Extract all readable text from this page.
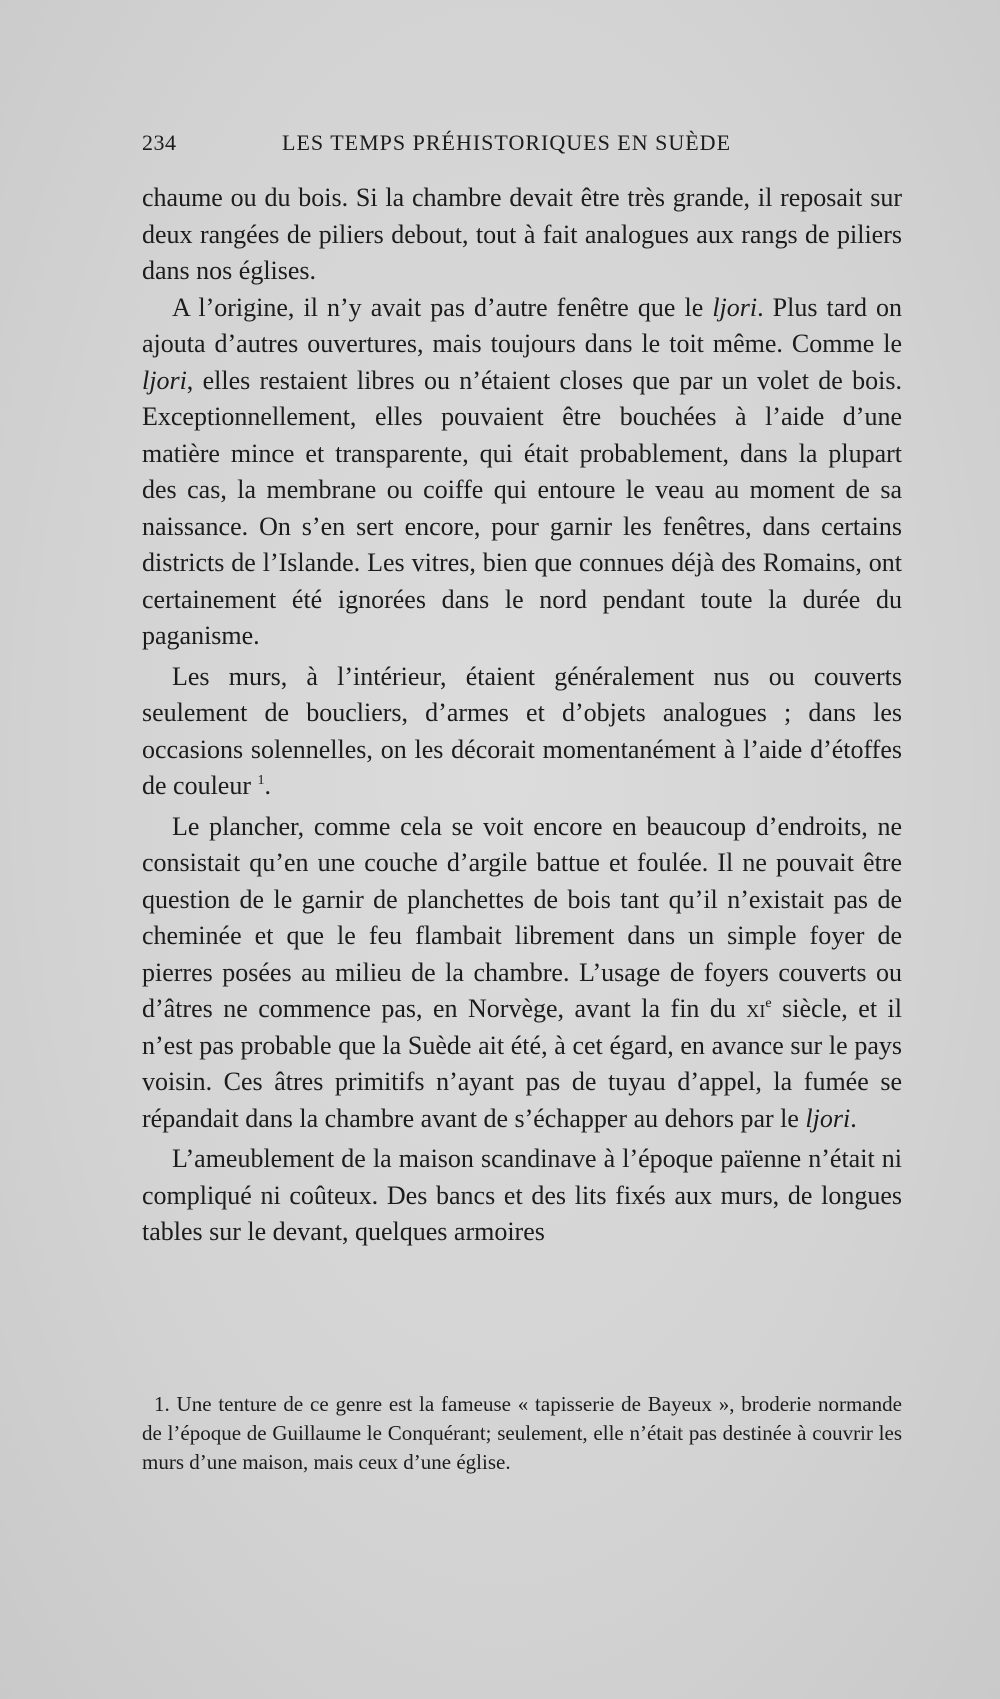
234	LES TEMPS PRÉHISTORIQUES EN SUÈDE

chaume ou du bois. Si la chambre devait être très grande, il reposait sur deux rangées de piliers debout, tout à fait analogues aux rangs de piliers dans nos églises.

A l’origine, il n’y avait pas d’autre fenêtre que le ljori. Plus tard on ajouta d’autres ouvertures, mais toujours dans le toit même. Comme le ljori, elles restaient libres ou n’étaient closes que par un volet de bois. Exceptionnellement, elles pouvaient être bouchées à l’aide d’une matière mince et transparente, qui était probablement, dans la plupart des cas, la membrane ou coiffe qui entoure le veau au moment de sa naissance. On s’en sert encore, pour garnir les fenêtres, dans certains districts de l’Islande. Les vitres, bien que connues déjà des Romains, ont certainement été ignorées dans le nord pendant toute la durée du paganisme.

Les murs, à l’intérieur, étaient généralement nus ou couverts seulement de boucliers, d’armes et d’objets analogues ; dans les occasions solennelles, on les décorait momentanément à l’aide d’étoffes de couleur $^1$.

Le plancher, comme cela se voit encore en beaucoup d’endroits, ne consistait qu’en une couche d’argile battue et foulée. Il ne pouvait être question de le garnir de planchettes de bois tant qu’il n’existait pas de cheminée et que le feu flambait librement dans un simple foyer de pierres posées au milieu de la chambre. L’usage de foyers couverts ou d’âtres ne commence pas, en Norvège, avant la fin du $xi^e$ siècle, et il n’est pas probable que la Suède ait été, à cet égard, en avance sur le pays voisin. Ces âtres primitifs n’ayant pas de tuyau d’appel, la fumée se répandait dans la chambre avant de s’échapper au dehors par le ljori.

L’ameublement de la maison scandinave à l’époque païenne n’était ni compliqué ni coûteux. Des bancs et des lits fixés aux murs, de longues tables sur le devant, quelques armoires

1. Une tenture de ce genre est la fameuse « tapisserie de Bayeux », broderie normande de l’époque de Guillaume le Conquérant; seulement, elle n’était pas destinée à couvrir les murs d’une maison, mais ceux d’une église.
